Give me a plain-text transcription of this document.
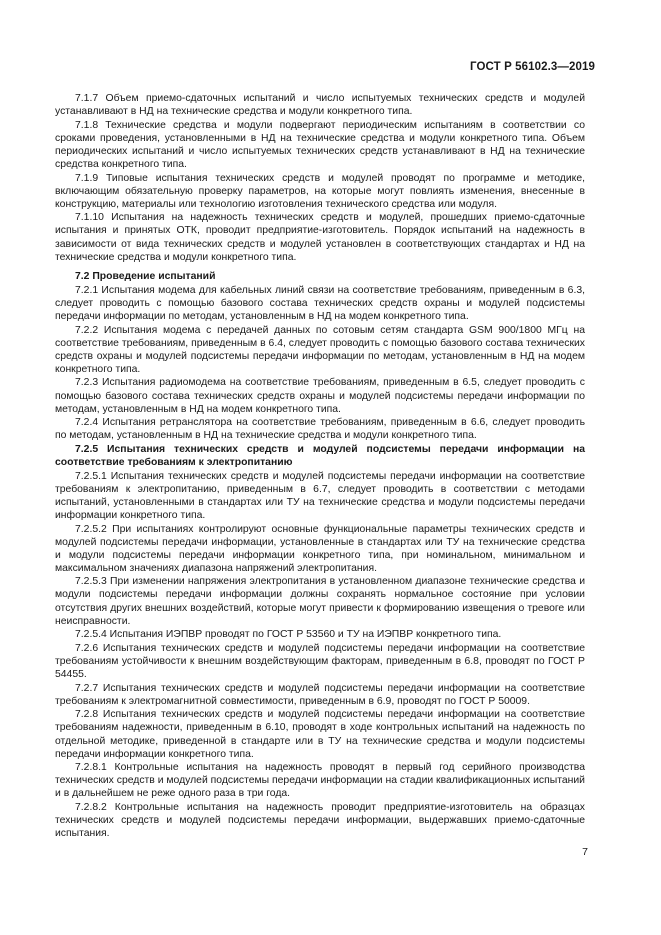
ГОСТ Р 56102.3—2019

7.1.7 Объем приемо-сдаточных испытаний и число испытуемых технических средств и модулей устанавливают в НД на технические средства и модули конкретного типа.

7.1.8 Технические средства и модули подвергают периодическим испытаниям в соответствии со сроками проведения, установленными в НД на технические средства и модули конкретного типа. Объем периодических испытаний и число испытуемых технических средств устанавливают в НД на технические средства конкретного типа.

7.1.9 Типовые испытания технических средств и модулей проводят по программе и методике, включающим обязательную проверку параметров, на которые могут повлиять изменения, внесенные в конструкцию, материалы или технологию изготовления технического средства или модуля.

7.1.10 Испытания на надежность технических средств и модулей, прошедших приемо-сдаточные испытания и принятых ОТК, проводит предприятие-изготовитель. Порядок испытаний на надежность в зависимости от вида технических средств и модулей установлен в соответствующих стандартах и НД на технические средства и модули конкретного типа.

7.2 Проведение испытаний

7.2.1 Испытания модема для кабельных линий связи на соответствие требованиям, приведенным в 6.3, следует проводить с помощью базового состава технических средств охраны и модулей подсистемы передачи информации по методам, установленным в НД на модем конкретного типа.

7.2.2 Испытания модема с передачей данных по сотовым сетям стандарта GSM 900/1800 МГц на соответствие требованиям, приведенным в 6.4, следует проводить с помощью базового состава технических средств охраны и модулей подсистемы передачи информации по методам, установленным в НД на модем конкретного типа.

7.2.3 Испытания радиомодема на соответствие требованиям, приведенным в 6.5, следует проводить с помощью базового состава технических средств охраны и модулей подсистемы передачи информации по методам, установленным в НД на модем конкретного типа.

7.2.4 Испытания ретранслятора на соответствие требованиям, приведенным в 6.6, следует проводить по методам, установленным в НД на технические средства и модули конкретного типа.

7.2.5 Испытания технических средств и модулей подсистемы передачи информации на соответствие требованиям к электропитанию

7.2.5.1 Испытания технических средств и модулей подсистемы передачи информации на соответствие требованиям к электропитанию, приведенным в 6.7, следует проводить в соответствии с методами испытаний, установленными в стандартах или ТУ на технические средства и модули подсистемы передачи информации конкретного типа.

7.2.5.2 При испытаниях контролируют основные функциональные параметры технических средств и модулей подсистемы передачи информации, установленные в стандартах или ТУ на технические средства и модули подсистемы передачи информации конкретного типа, при номинальном, минимальном и максимальном значениях диапазона напряжений электропитания.

7.2.5.3 При изменении напряжения электропитания в установленном диапазоне технические средства и модули подсистемы передачи информации должны сохранять нормальное состояние при условии отсутствия других внешних воздействий, которые могут привести к формированию извещения о тревоге или неисправности.

7.2.5.4 Испытания ИЭПВР проводят по ГОСТ Р 53560 и ТУ на ИЭПВР конкретного типа.

7.2.6 Испытания технических средств и модулей подсистемы передачи информации на соответствие требованиям устойчивости к внешним воздействующим факторам, приведенным в 6.8, проводят по ГОСТ Р 54455.

7.2.7 Испытания технических средств и модулей подсистемы передачи информации на соответствие требованиям к электромагнитной совместимости, приведенным в 6.9, проводят по ГОСТ Р 50009.

7.2.8 Испытания технических средств и модулей подсистемы передачи информации на соответствие требованиям надежности, приведенным в 6.10, проводят в ходе контрольных испытаний на надежность по отдельной методике, приведенной в стандарте или в ТУ на технические средства и модули подсистемы передачи информации конкретного типа.

7.2.8.1 Контрольные испытания на надежность проводят в первый год серийного производства технических средств и модулей подсистемы передачи информации на стадии квалификационных испытаний и в дальнейшем не реже одного раза в три года.

7.2.8.2 Контрольные испытания на надежность проводит предприятие-изготовитель на образцах технических средств и модулей подсистемы передачи информации, выдержавших приемо-сдаточные испытания.

7
